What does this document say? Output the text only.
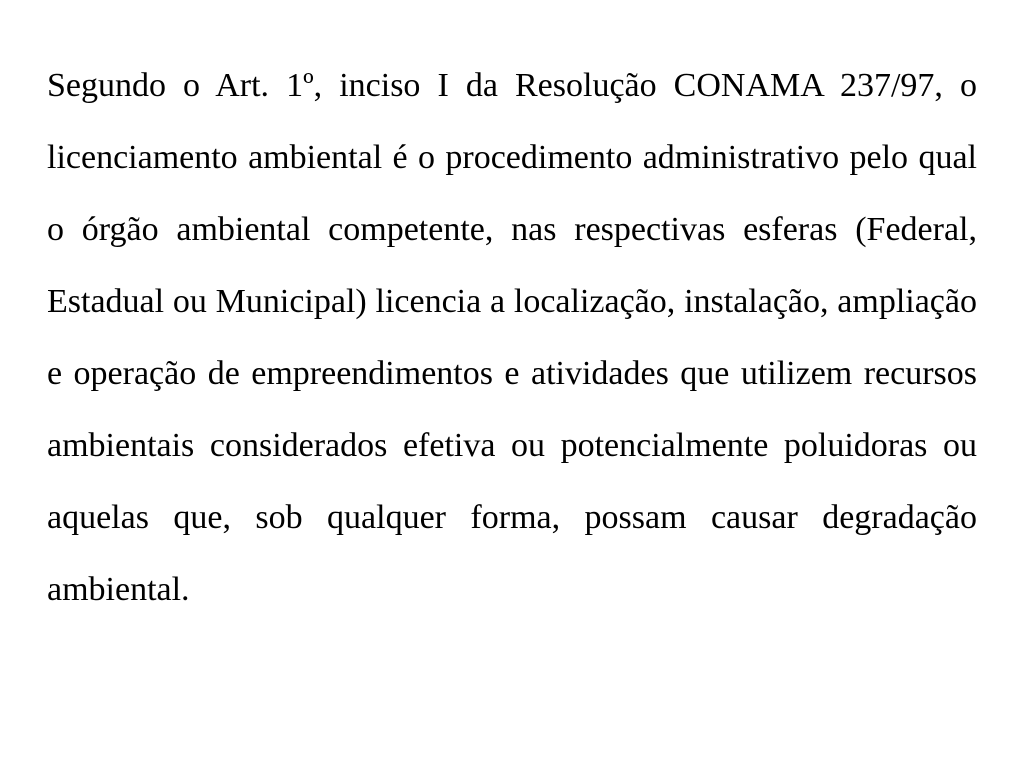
Segundo o Art. 1º, inciso I da Resolução CONAMA 237/97, o licenciamento ambiental é o procedimento administrativo pelo qual o órgão ambiental competente, nas respectivas esferas (Federal, Estadual ou Municipal) licencia a localização, instalação, ampliação e operação de empreendimentos e atividades que utilizem recursos ambientais considerados efetiva ou potencialmente poluidoras ou aquelas que, sob qualquer forma, possam causar degradação ambiental.
